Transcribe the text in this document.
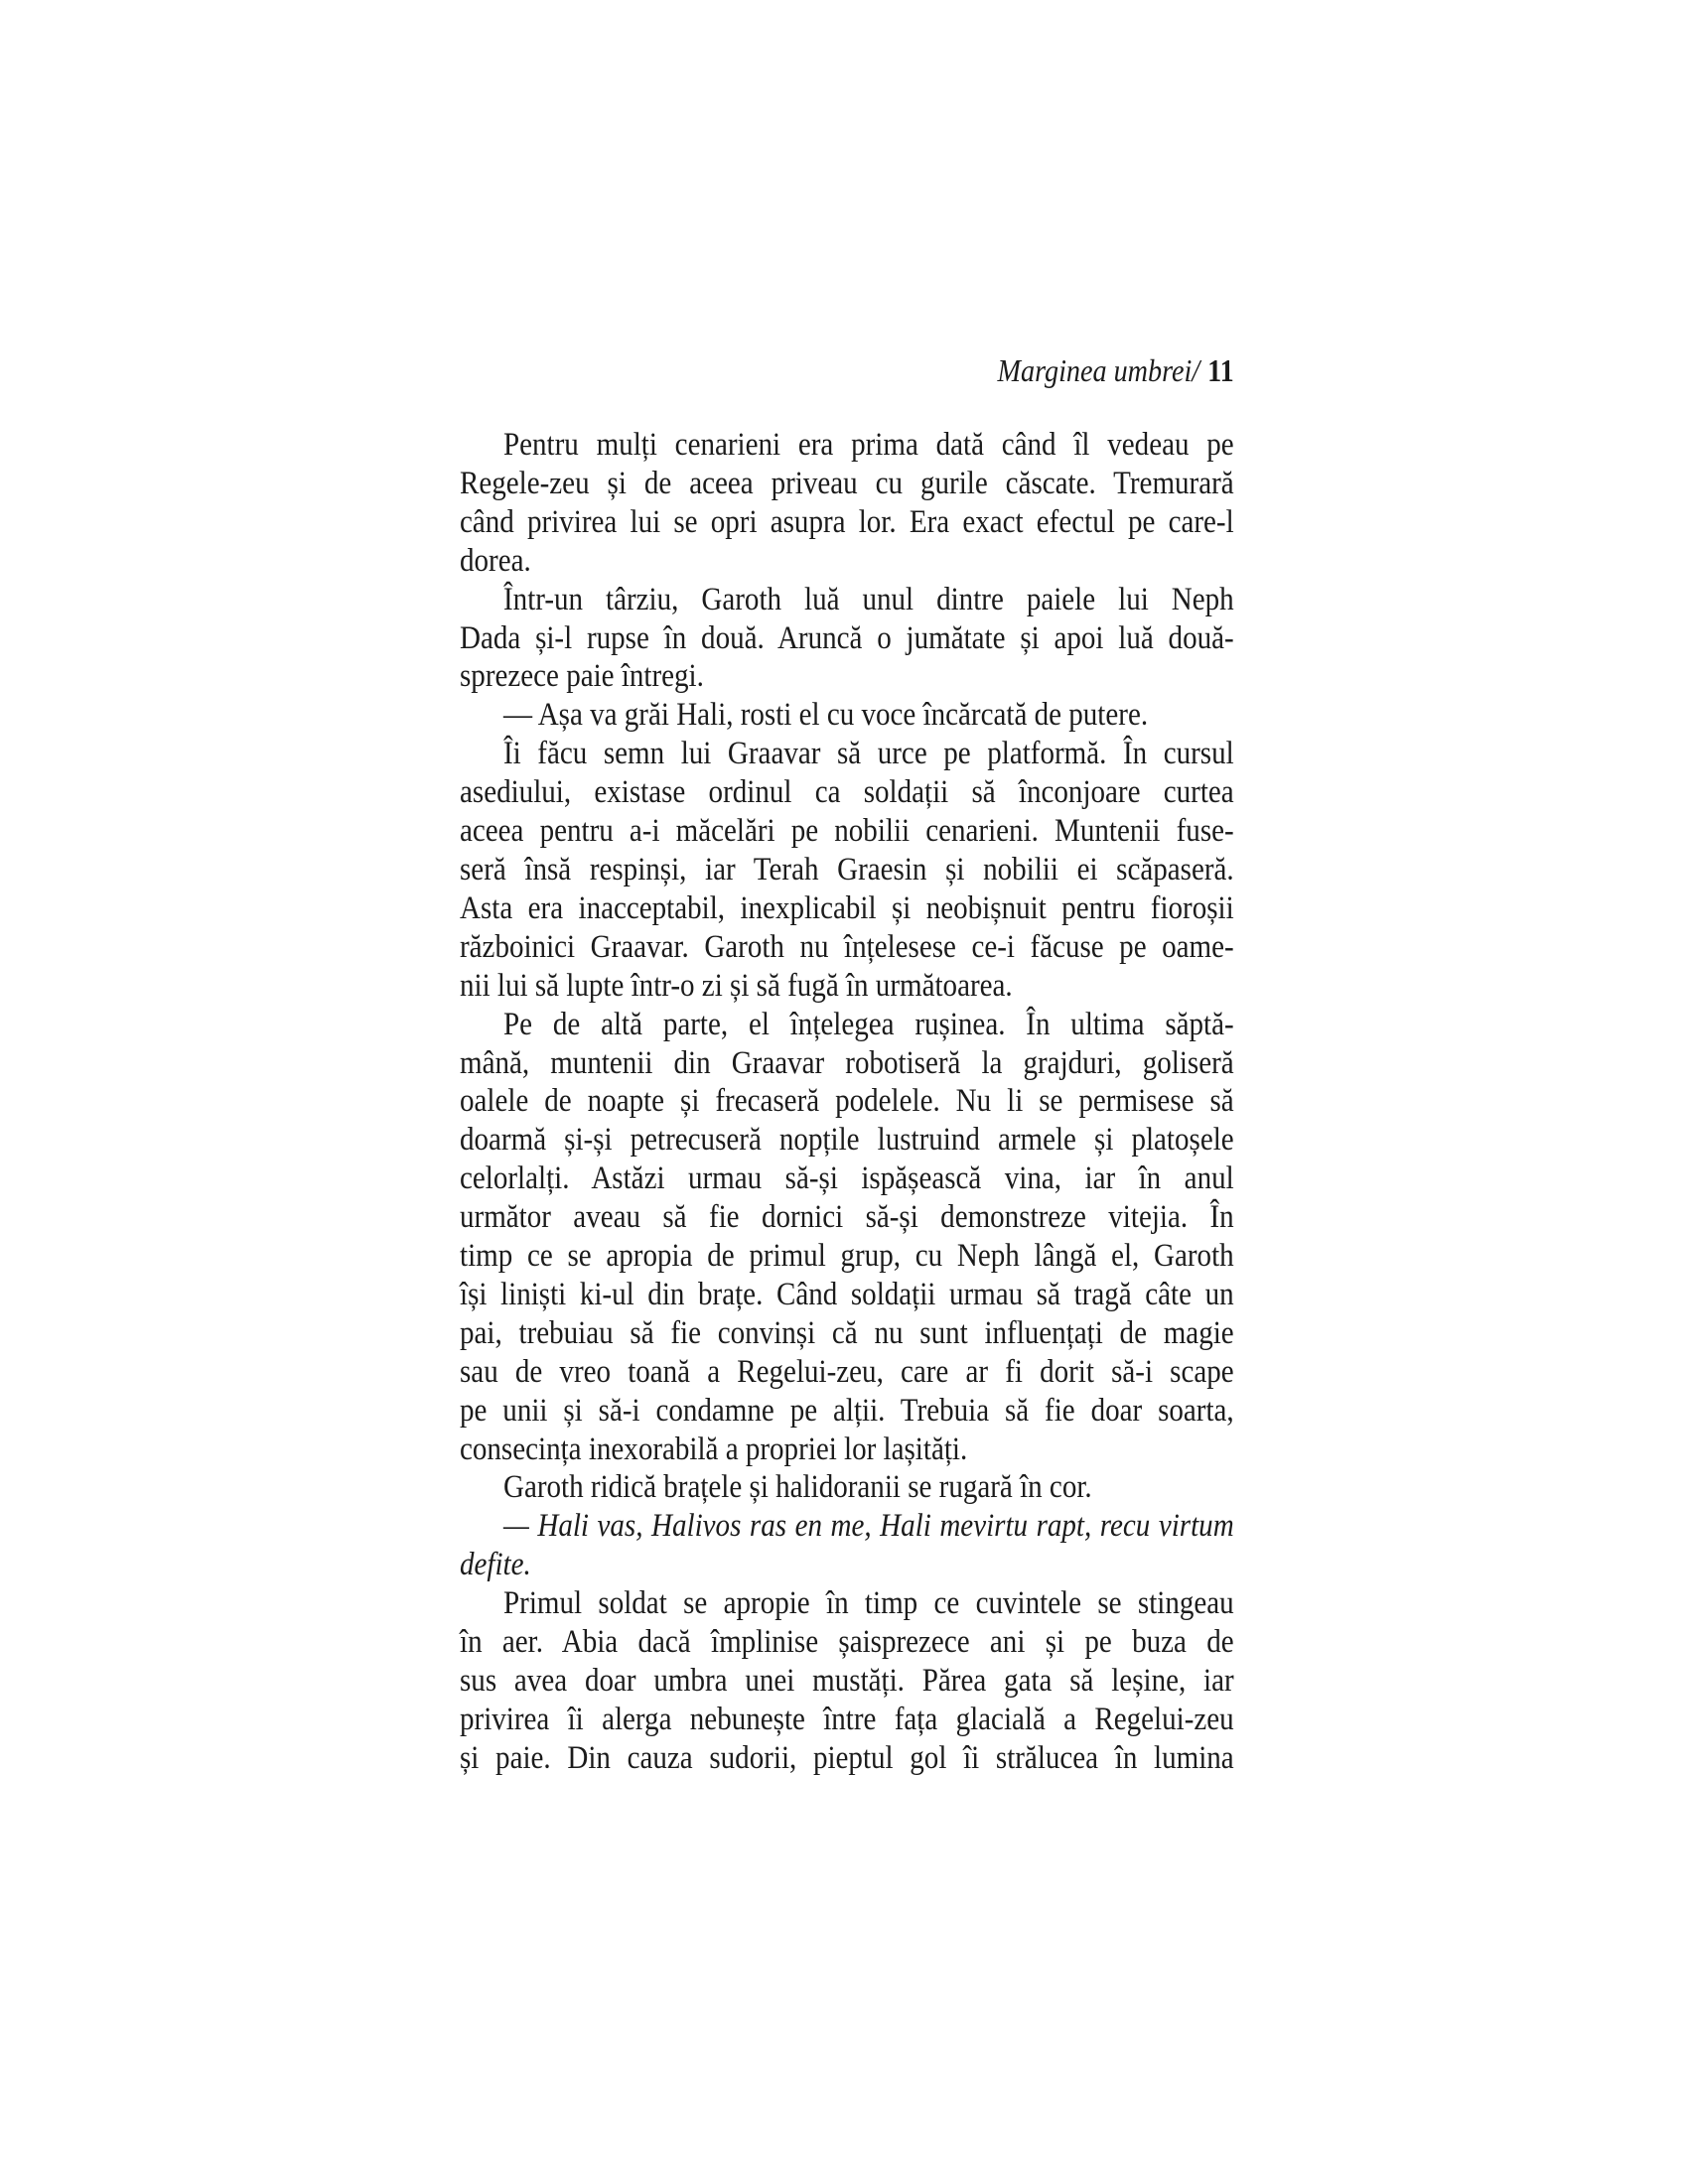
Marginea umbrei/ 11
Pentru mulți cenarieni era prima dată când îl vedeau pe
Regele-zeu și de aceea priveau cu gurile căscate. Tremurară
când privirea lui se opri asupra lor. Era exact efectul pe care-l
dorea.
Într-un târziu, Garoth luă unul dintre paiele lui Neph
Dada și-l rupse în două. Aruncă o jumătate și apoi luă două-
sprezece paie întregi.
— Așa va grăi Hali, rosti el cu voce încărcată de putere.
Îi făcu semn lui Graavar să urce pe platformă. În cursul
asediului, existase ordinul ca soldații să înconjoare curtea
aceea pentru a-i măcelări pe nobilii cenarieni. Muntenii fuse-
seră însă respinși, iar Terah Graesin și nobilii ei scăpaseră.
Asta era inacceptabil, inexplicabil și neobișnuit pentru fioroșii
războinici Graavar. Garoth nu înțelesese ce-i făcuse pe oame-
nii lui să lupte într-o zi și să fugă în următoarea.
Pe de altă parte, el înțelegea rușinea. În ultima săptă-
mână, muntenii din Graavar robotiseră la grajduri, goliseră
oalele de noapte și frecaseră podelele. Nu li se permisese să
doarmă și-și petrecuseră nopțile lustruind armele și platoșele
celorlalți. Astăzi urmau să-și ispășească vina, iar în anul
următor aveau să fie dornici să-și demonstreze vitejia. În
timp ce se apropia de primul grup, cu Neph lângă el, Garoth
își liniști ki-ul din brațe. Când soldații urmau să tragă câte un
pai, trebuiau să fie convinși că nu sunt influențați de magie
sau de vreo toană a Regelui-zeu, care ar fi dorit să-i scape
pe unii și să-i condamne pe alții. Trebuia să fie doar soarta,
consecința inexorabilă a propriei lor lașități.
Garoth ridică brațele și halidoranii se rugară în cor.
— Hali vas, Halivos ras en me, Hali mevirtu rapt, recu virtum
defite.
Primul soldat se apropie în timp ce cuvintele se stingeau
în aer. Abia dacă împlinise șaisprezece ani și pe buza de
sus avea doar umbra unei mustăți. Părea gata să leșine, iar
privirea îi alerga nebunește între fața glacială a Regelui-zeu
și paie. Din cauza sudorii, pieptul gol îi strălucea în lumina
